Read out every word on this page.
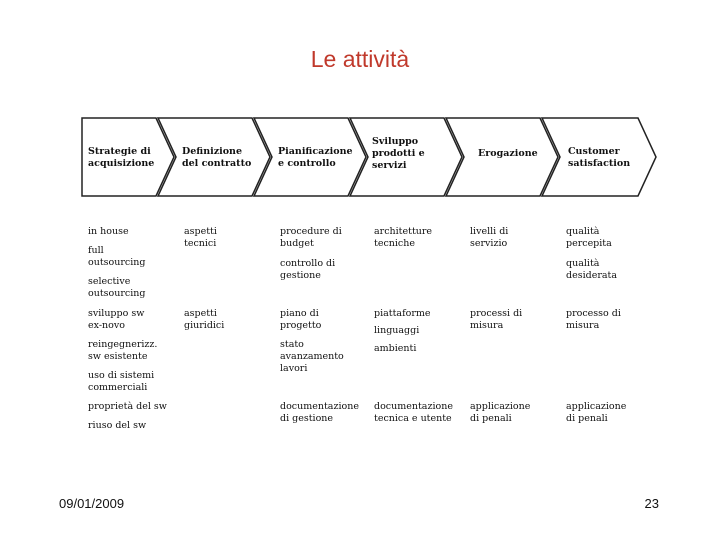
Le attività
Strategie di
acquisizione
Definizione
del contratto
Pianificazione
e controllo
Sviluppo
prodotti e
servizi
Erogazione	Customer
satisfaction
in house
full
outsourcing
selective
outsourcing
sviluppo sw
ex-novo
reingegnerizz.
sw esistente
uso di sistemi
commerciali
proprietà del sw
riuso del sw
aspetti
tecnici
aspetti
giuridici
procedure di
budget
controllo di
gestione
piano di
progetto
stato
avanzamento
lavori
documentazione
di gestione
architetture
tecniche
piattaforme
linguaggi
ambienti
documentazione
tecnica e utente
livelli di
servizio
processi di
misura
applicazione
di penali
qualità
percepita
qualità
desiderata
processo di
misura
applicazione
di penali
09/01/2009	23
